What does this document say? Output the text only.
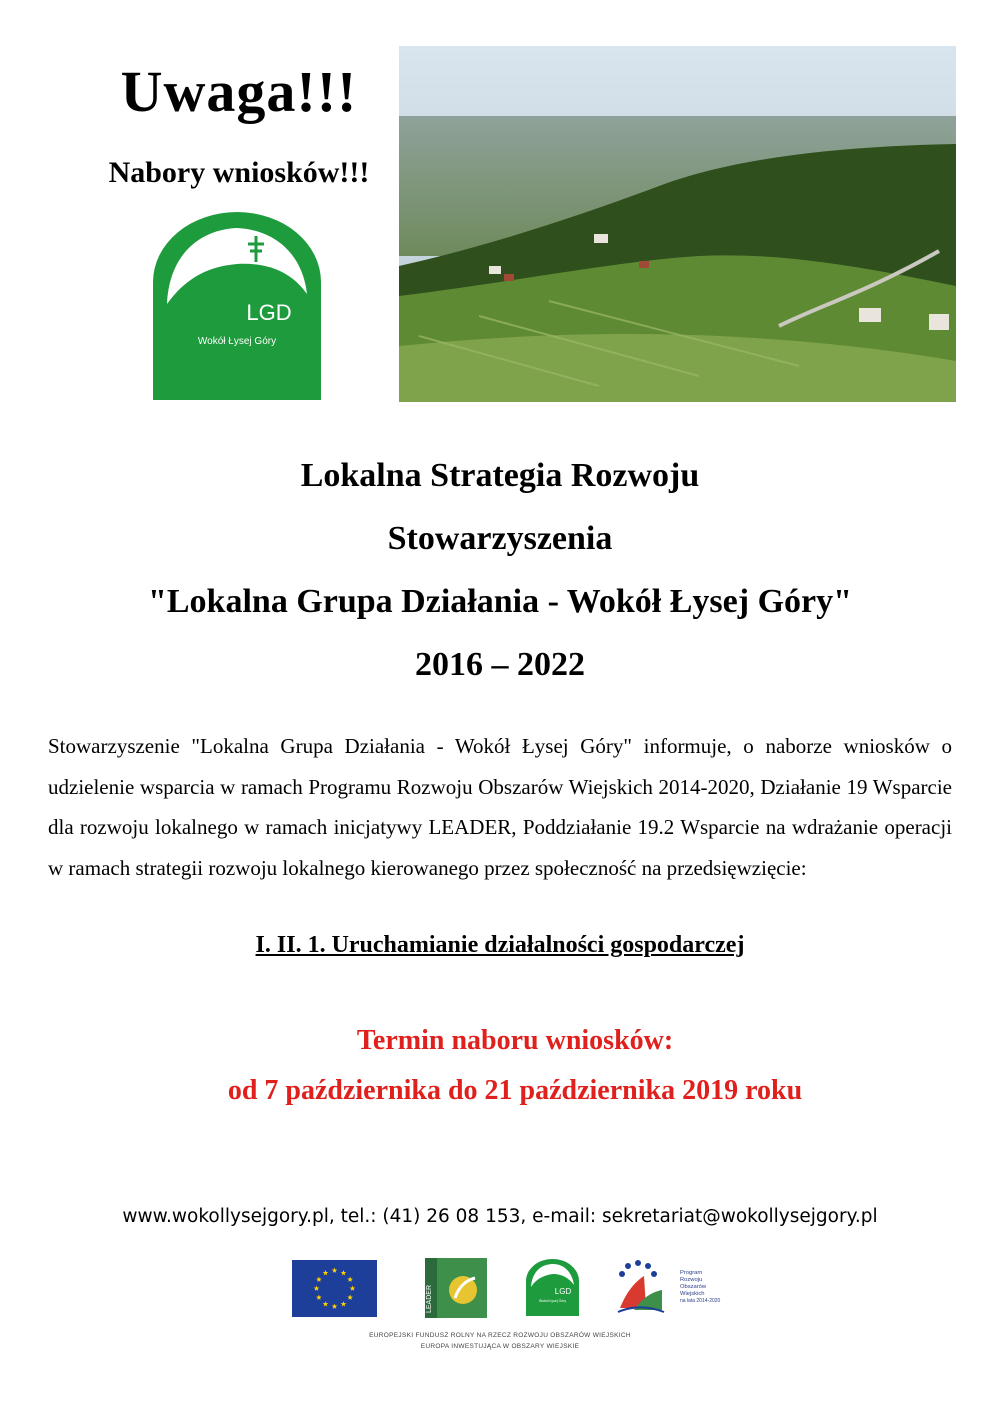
Uwaga!!!
Nabory wniosków!!!
LGD
Wokół Łysej Góry
Lokalna Strategia Rozwoju
Stowarzyszenia
"Lokalna Grupa Działania - Wokół Łysej Góry"
2016 – 2022
Stowarzyszenie "Lokalna Grupa Działania - Wokół Łysej Góry" informuje, o naborze wniosków o udzielenie wsparcia w ramach Programu Rozwoju Obszarów Wiejskich 2014-2020, Działanie 19 Wsparcie dla rozwoju lokalnego w ramach inicjatywy LEADER, Poddziałanie 19.2 Wsparcie na wdrażanie operacji w ramach strategii rozwoju lokalnego kierowanego przez społeczność na przedsięwzięcie:
I. II. 1. Uruchamianie działalności gospodarczej
Termin naboru wniosków:
od 7 października do 21 października 2019 roku
www.wokollysejgory.pl, tel.: (41) 26 08 153, e-mail: sekretariat@wokollysejgory.pl
LEADER	LGD
Wokół Łysej Góry
Program
Rozwoju
Obszarów
Wiejskich
na lata 2014-2020
EUROPEJSKI FUNDUSZ ROLNY NA RZECZ ROZWOJU OBSZARÓW WIEJSKICH
EUROPA INWESTUJĄCA W OBSZARY WIEJSKIE
